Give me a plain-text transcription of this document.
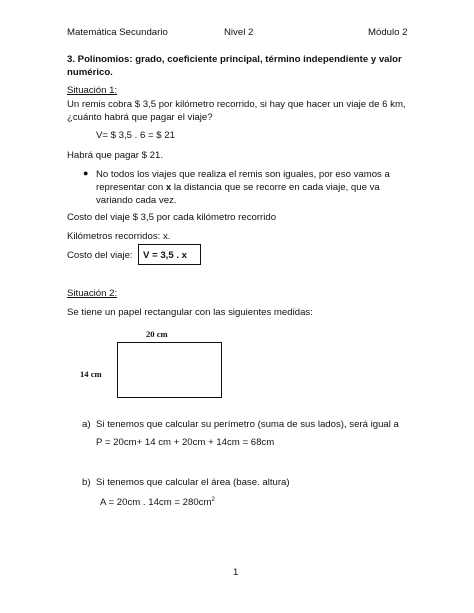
Matemática Secundario	Nivel 2	Módulo 2
3. Polinomios: grado, coeficiente principal, término independiente y valor
numérico.
Situación 1:
Un remis cobra $ 3,5 por kilómetro recorrido, si hay que hacer un viaje de 6 km,
¿cuánto habrá que pagar el viaje?
V= $ 3,5 . 6 = $ 21
Habrá que pagar $ 21.
● No todos los viajes que realiza el remis son iguales, por eso vamos a
representar con x la distancia que se recorre en cada viaje, que va
variando cada vez.
Costo del viaje $ 3,5 por cada kilómetro recorrido
Kilómetros recorridos: x.
Costo del viaje: V = 3,5 . x
Situación 2:
Se tiene un papel rectangular con las siguientes medidas:
20 cm
14 cm
a) Si tenemos que calcular su perímetro (suma de sus lados), será igual a
P = 20cm+ 14 cm + 20cm + 14cm = 68cm
b) Si tenemos que calcular el área (base. altura)
A = 20cm . $14cm = 280cm^2$
1
